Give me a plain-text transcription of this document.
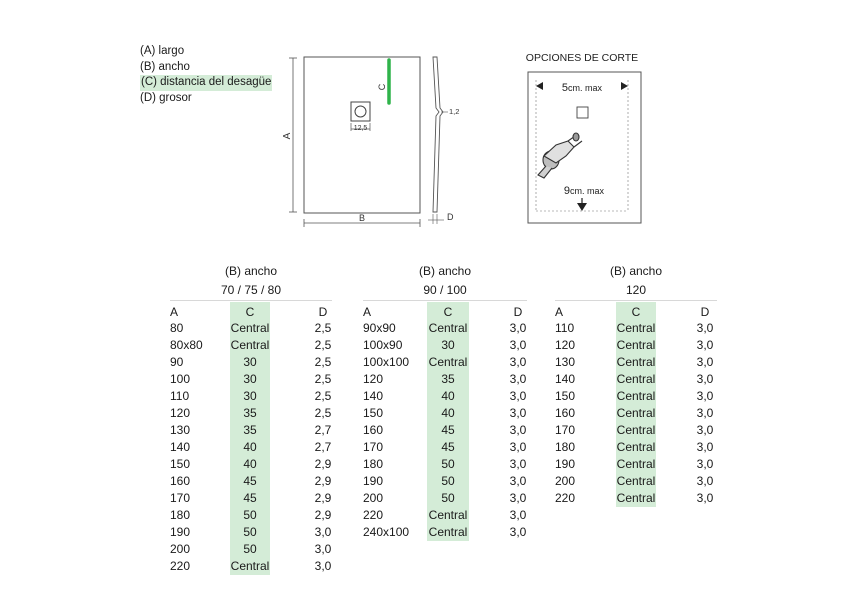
(A) largo
(B) ancho
(C) distancia del desagüe
(D) grosor
A
12,5
C
B
1,2
D
OPCIONES DE CORTE
5cm. max
9cm. max
(B) ancho
70 / 75 / 80
A	C	D
80	Central	2,5
80x80 Central	2,5
90	30	2,5
100	30	2,5
110	30	2,5
120	35	2,5
130	35	2,7
140	40	2,7
150	40	2,9
160	45	2,9
170	45	2,9
180	50	2,9
190	50	3,0
200	50	3,0
220	Central	3,0
(B) ancho
90 / 100
A	C	D
90x90	Central	3,0
100x90	30	3,0
100x100 Central	3,0
120	35	3,0
140	40	3,0
150	40	3,0
160	45	3,0
170	45	3,0
180	50	3,0
190	50	3,0
200	50	3,0
220	Central	3,0
240x100 Central	3,0
(B) ancho
120
A	C	D
110	Central	3,0
120	Central	3,0
130	Central	3,0
140	Central	3,0
150	Central	3,0
160	Central	3,0
170	Central	3,0
180	Central	3,0
190	Central	3,0
200	Central	3,0
220	Central	3,0
